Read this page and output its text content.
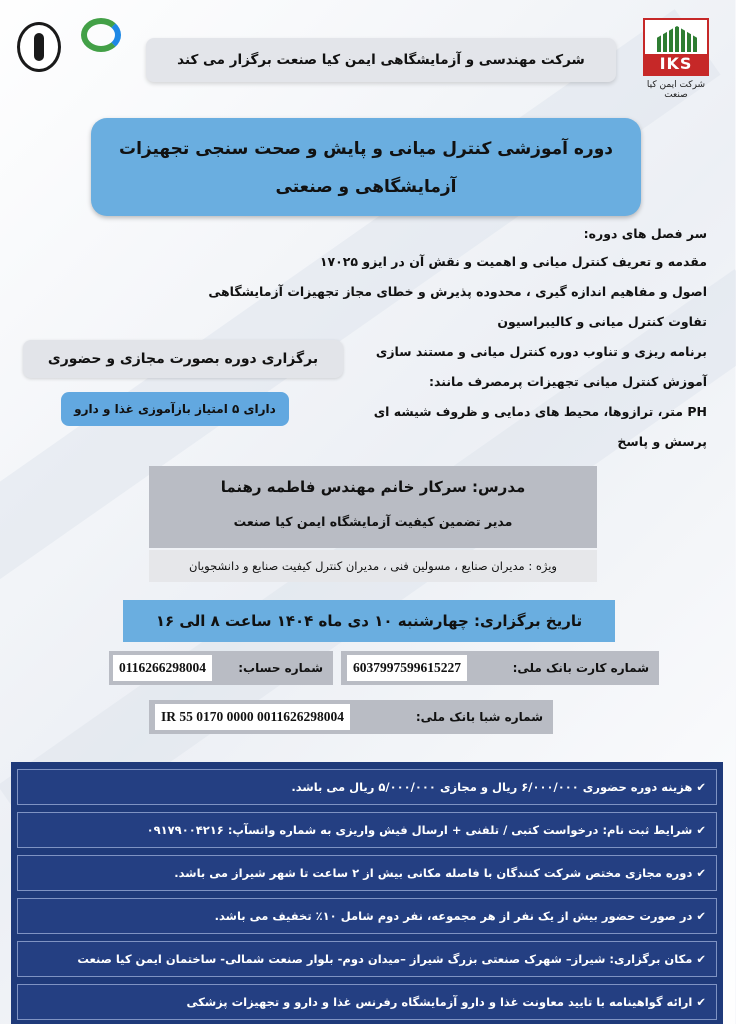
IKS
شرکت ایمن کیا صنعت
شرکت مهندسی و آزمایشگاهی ایمن کیا صنعت برگزار می کند
دوره آموزشی کنترل میانی و پایش و صحت سنجی تجهیزات
آزمایشگاهی و صنعتی
سر فصل های دوره:
مقدمه و تعریف کنترل میانی و اهمیت و نقش آن در ایزو ۱۷۰۲۵
اصول و مفاهیم اندازه گیری ، محدوده پذیرش و خطای مجاز تجهیزات آزمایشگاهی
تفاوت کنترل میانی و کالیبراسیون
برنامه ریزی و تناوب دوره کنترل میانی و مستند سازی
آموزش کنترل میانی تجهیزات پرمصرف مانند:
PH متر، ترازوها، محیط های دمایی و ظروف شیشه ای
پرسش و پاسخ
برگزاری دوره بصورت مجازی و حضوری
دارای ۵ امتیاز بازآموزی غذا و دارو
مدرس: سرکار خانم مهندس فاطمه رهنما
مدیر تضمین کیفیت آزمایشگاه ایمن کیا صنعت
ویژه : مدیران صنایع ، مسولین فنی ، مدیران کنترل کیفیت صنایع و دانشجویان
تاریخ برگزاری: چهارشنبه ۱۰ دی ماه ۱۴۰۴ ساعت ۸ الی ۱۶
شماره کارت بانک ملی:
6037997599615227
شماره حساب:
0116266298004
شماره شبا بانک ملی:
IR 55 0170 0000 0011626298004
✔هزینه دوره حضوری ۶/۰۰۰/۰۰۰ ریال و مجازی ۵/۰۰۰/۰۰۰ ریال می باشد.
✔شرایط ثبت نام: درخواست کتبی / تلفنی + ارسال فیش واریزی به شماره واتسآپ: ۰۹۱۷۹۰۰۴۲۱۶
✔دوره مجازی مختص شرکت کنندگان با فاصله مکانی بیش از ۲ ساعت تا شهر شیراز می باشد.
✔در صورت حضور بیش از یک نفر از هر مجموعه، نفر دوم شامل ۱۰٪ تخفیف می باشد.
✔مکان برگزاری: شیراز– شهرک صنعتی بزرگ شیراز –میدان دوم- بلوار صنعت شمالی- ساختمان ایمن کیا صنعت
✔ارائه گواهینامه با تایید معاونت غذا و دارو آزمایشگاه رفرنس غذا و دارو و تجهیزات پزشکی
